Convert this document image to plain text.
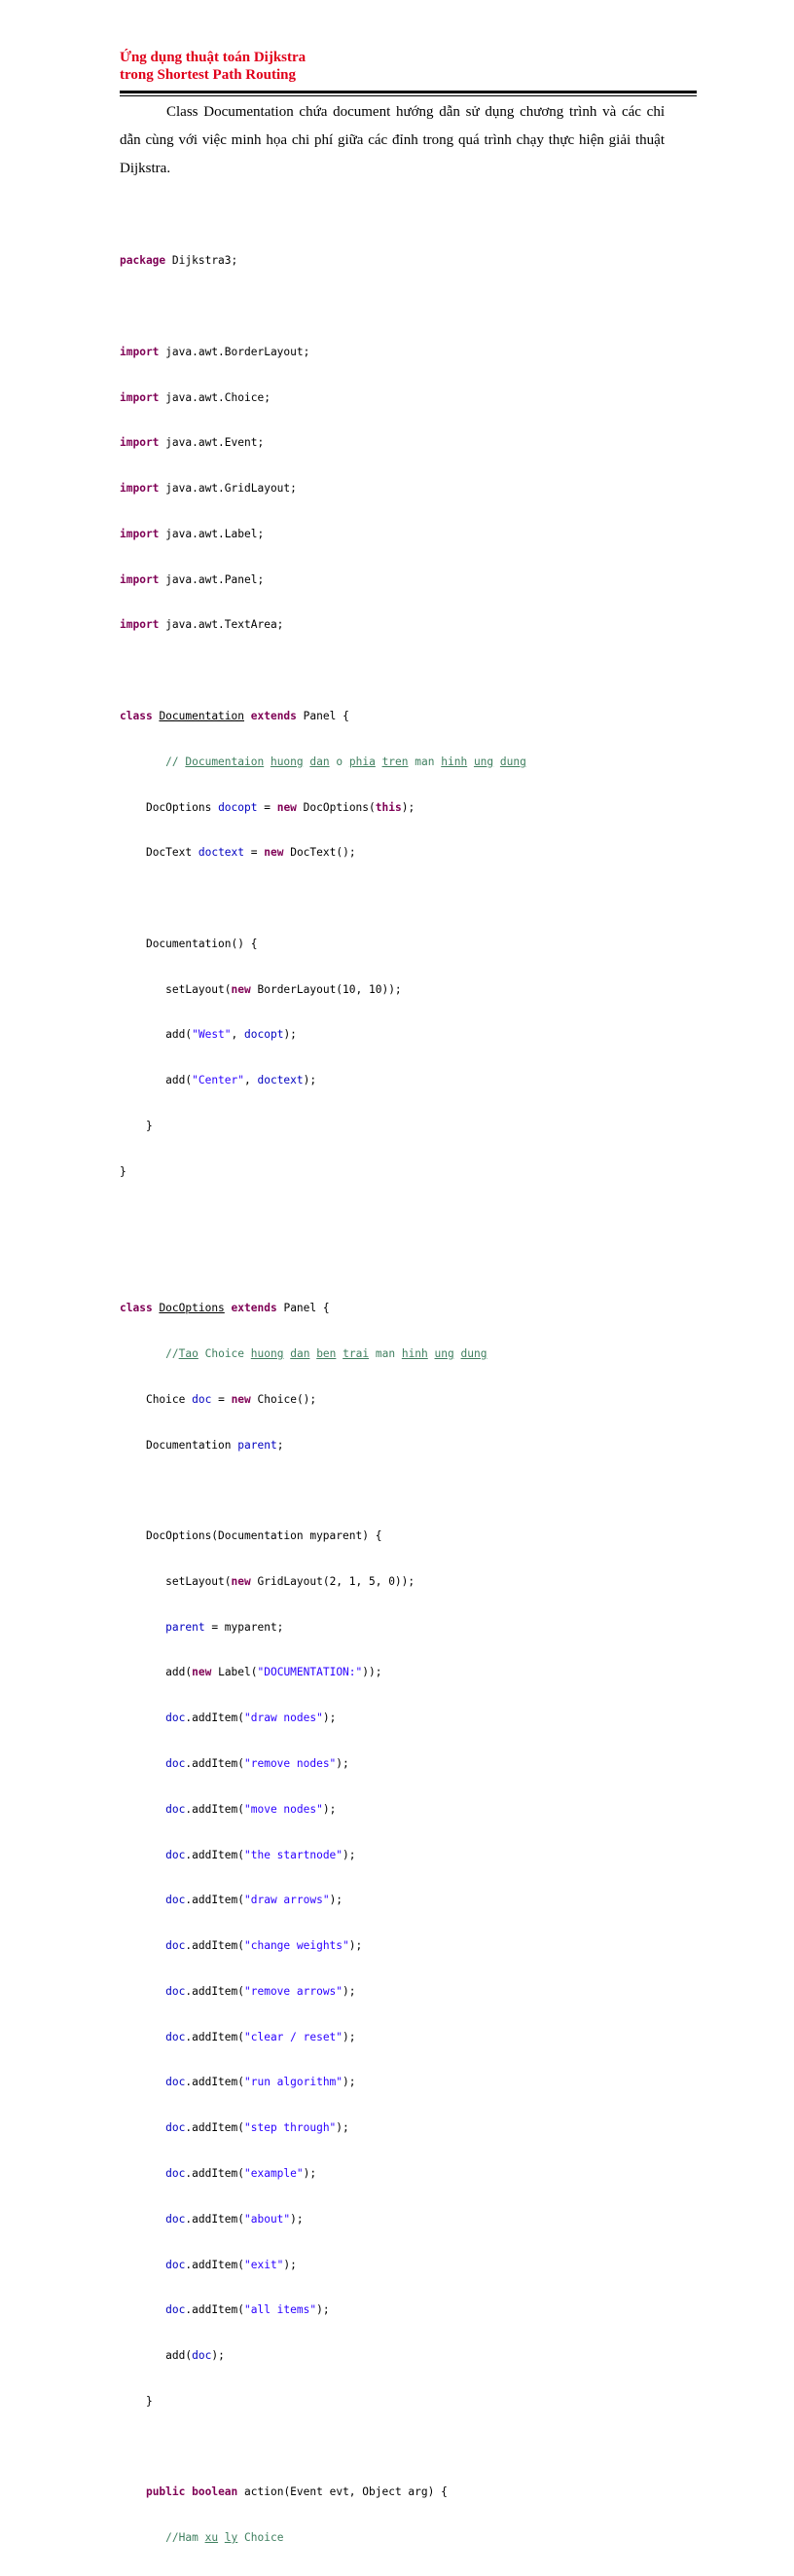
Ứng dụng thuật toán Dijkstra
trong Shortest Path Routing
Class Documentation chứa document hướng dẫn sử dụng chương trình và các chỉ dẫn cùng với việc minh họa chi phí giữa các đỉnh trong quá trình chạy thực hiện giải thuật Dijkstra.

package Dijkstra3;

import java.awt.BorderLayout;

import java.awt.Choice;

import java.awt.Event;

import java.awt.GridLayout;

import java.awt.Label;

import java.awt.Panel;

import java.awt.TextArea;

class Documentation extends Panel {

// Documentaion huong dan o phia tren man hinh ung dung

DocOptions docopt = new DocOptions(this);

DocText doctext = new DocText();

Documentation() {

setLayout(new BorderLayout(10, 10));

add("West", docopt);

add("Center", doctext);

}

}

class DocOptions extends Panel {

//Tao Choice huong dan ben trai man hinh ung dung

Choice doc = new Choice();

Documentation parent;

DocOptions(Documentation myparent) {

setLayout(new GridLayout(2, 1, 5, 0));

parent = myparent;

add(new Label("DOCUMENTATION:"));

doc.addItem("draw nodes");

doc.addItem("remove nodes");

doc.addItem("move nodes");

doc.addItem("the startnode");

doc.addItem("draw arrows");

doc.addItem("change weights");

doc.addItem("remove arrows");

doc.addItem("clear / reset");

doc.addItem("run algorithm");

doc.addItem("step through");

doc.addItem("example");

doc.addItem("about");

doc.addItem("exit");

doc.addItem("all items");

add(doc);

}

public boolean action(Event evt, Object arg) {

//Ham xu ly Choice
